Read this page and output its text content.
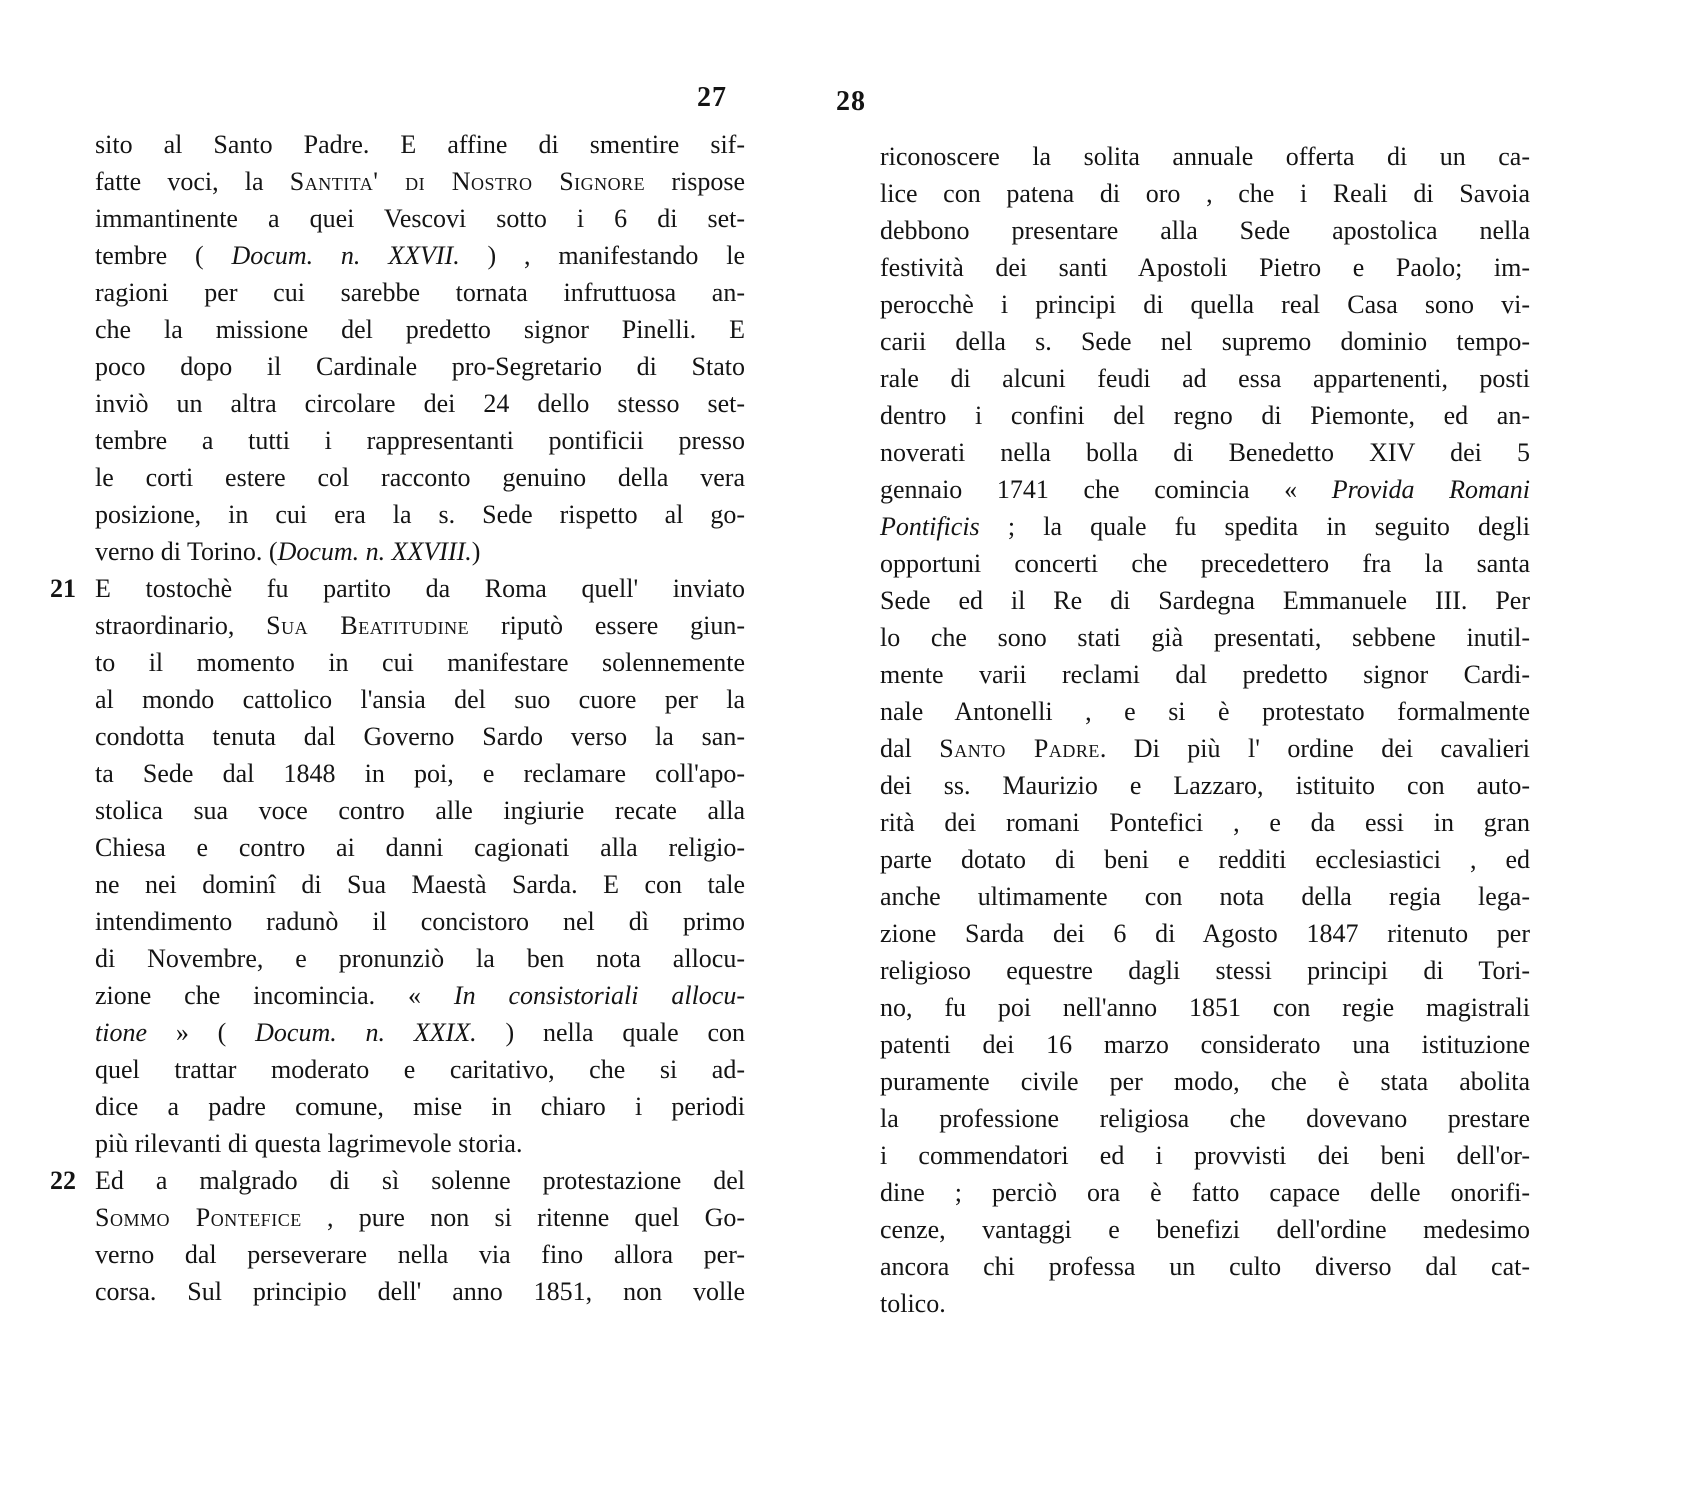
27	28
sito al Santo Padre. E affine di smentire sif-
fatte voci, la Santita' di Nostro Signore rispose
immantinente a quei Vescovi sotto i 6 di set-
tembre ( Docum. n. XXVII. ) , manifestando le
ragioni per cui sarebbe tornata infruttuosa an-
che la missione del predetto signor Pinelli. E
poco dopo il Cardinale pro-Segretario di Stato
inviò un altra circolare dei 24 dello stesso set-
tembre a tutti i rappresentanti pontificii presso
le corti estere col racconto genuino della vera
posizione, in cui era la s. Sede rispetto al go-
verno di Torino. (Docum. n. XXVIII.)
21 E tostochè fu partito da Roma quell' inviato
straordinario, Sua Beatitudine riputò essere giun-
to il momento in cui manifestare solennemente
al mondo cattolico l'ansia del suo cuore per la
condotta tenuta dal Governo Sardo verso la san-
ta Sede dal 1848 in poi, e reclamare coll'apo-
stolica sua voce contro alle ingiurie recate alla
Chiesa e contro ai danni cagionati alla religio-
ne nei dominî di Sua Maestà Sarda. E con tale
intendimento radunò il concistoro nel dì primo
di Novembre, e pronunziò la ben nota allocu-
zione che incomincia. « In consistoriali allocu-
tione » ( Docum. n. XXIX. ) nella quale con
quel trattar moderato e caritativo, che si ad-
dice a padre comune, mise in chiaro i periodi
più rilevanti di questa lagrimevole storia.
22 Ed a malgrado di sì solenne protestazione del
Sommo Pontefice , pure non si ritenne quel Go-
verno dal perseverare nella via fino allora per-
corsa. Sul principio dell' anno 1851, non volle
riconoscere la solita annuale offerta di un ca-
lice con patena di oro , che i Reali di Savoia
debbono presentare alla Sede apostolica nella
festività dei santi Apostoli Pietro e Paolo; im-
perocchè i principi di quella real Casa sono vi-
carii della s. Sede nel supremo dominio tempo-
rale di alcuni feudi ad essa appartenenti, posti
dentro i confini del regno di Piemonte, ed an-
noverati nella bolla di Benedetto XIV dei 5
gennaio 1741 che comincia « Provida Romani
Pontificis ; la quale fu spedita in seguito degli
opportuni concerti che precedettero fra la santa
Sede ed il Re di Sardegna Emmanuele III. Per
lo che sono stati già presentati, sebbene inutil-
mente varii reclami dal predetto signor Cardi-
nale Antonelli , e si è protestato formalmente
dal Santo Padre. Di più l' ordine dei cavalieri
dei ss. Maurizio e Lazzaro, istituito con auto-
rità dei romani Pontefici , e da essi in gran
parte dotato di beni e redditi ecclesiastici , ed
anche ultimamente con nota della regia lega-
zione Sarda dei 6 di Agosto 1847 ritenuto per
religioso equestre dagli stessi principi di Tori-
no, fu poi nell'anno 1851 con regie magistrali
patenti dei 16 marzo considerato una istituzione
puramente civile per modo, che è stata abolita
la professione religiosa che dovevano prestare
i commendatori ed i provvisti dei beni dell'or-
dine ; perciò ora è fatto capace delle onorifi-
cenze, vantaggi e benefizi dell'ordine medesimo
ancora chi professa un culto diverso dal cat-
tolico.
